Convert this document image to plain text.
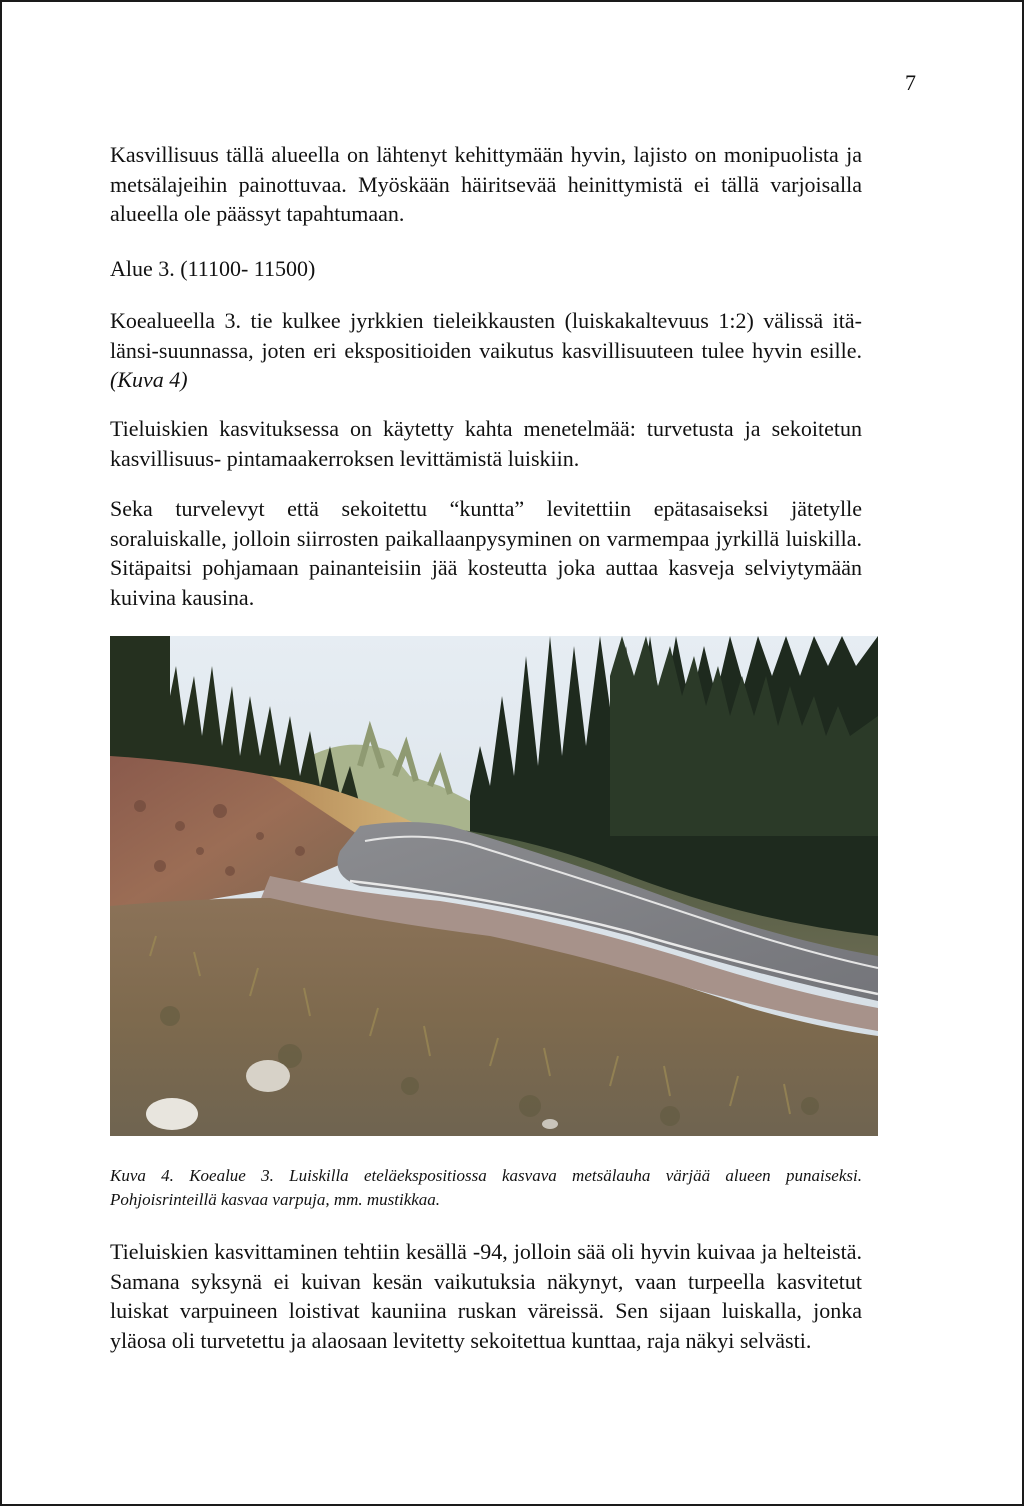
7

Kasvillisuus tällä alueella on lähtenyt kehittymään hyvin, lajisto on monipuolista ja metsälajeihin painottuvaa. Myöskään häiritsevää heinittymistä ei tällä varjoisalla alueella ole päässyt tapahtumaan.

Alue 3. (11100- 11500)

Koealueella 3. tie kulkee jyrkkien tieleikkausten (luiskakaltevuus 1:2) välissä itä- länsi-suunnassa, joten eri ekspositioiden vaikutus kasvillisuuteen tulee hyvin esille.(Kuva 4)

Tieluiskien kasvituksessa on käytetty kahta menetelmää: turvetusta ja sekoitetun kasvillisuus- pintamaakerroksen levittämistä luiskiin.

Seka turvelevyt että sekoitettu “kuntta” levitettiin epätasaiseksi jätetylle soraluiskalle, jolloin siirrosten paikallaanpysyminen on varmempaa jyrkillä luiskilla. Sitäpaitsi pohjamaan painanteisiin jää kosteutta joka auttaa kasveja selviytymään kuivina kausina.

Kuva 4. Koealue 3. Luiskilla eteläekspositiossa kasvava metsälauha värjää alueen punaiseksi. Pohjoisrinteillä kasvaa varpuja, mm. mustikkaa.

Tieluiskien kasvittaminen tehtiin kesällä -94, jolloin sää oli hyvin kuivaa ja helteistä. Samana syksynä ei kuivan kesän vaikutuksia näkynyt, vaan turpeella kasvitetut luiskat varpuineen loistivat kauniina ruskan väreissä. Sen sijaan luiskalla, jonka yläosa oli turvetettu ja alaosaan levitetty sekoitettua kunttaa, raja näkyi selvästi.
